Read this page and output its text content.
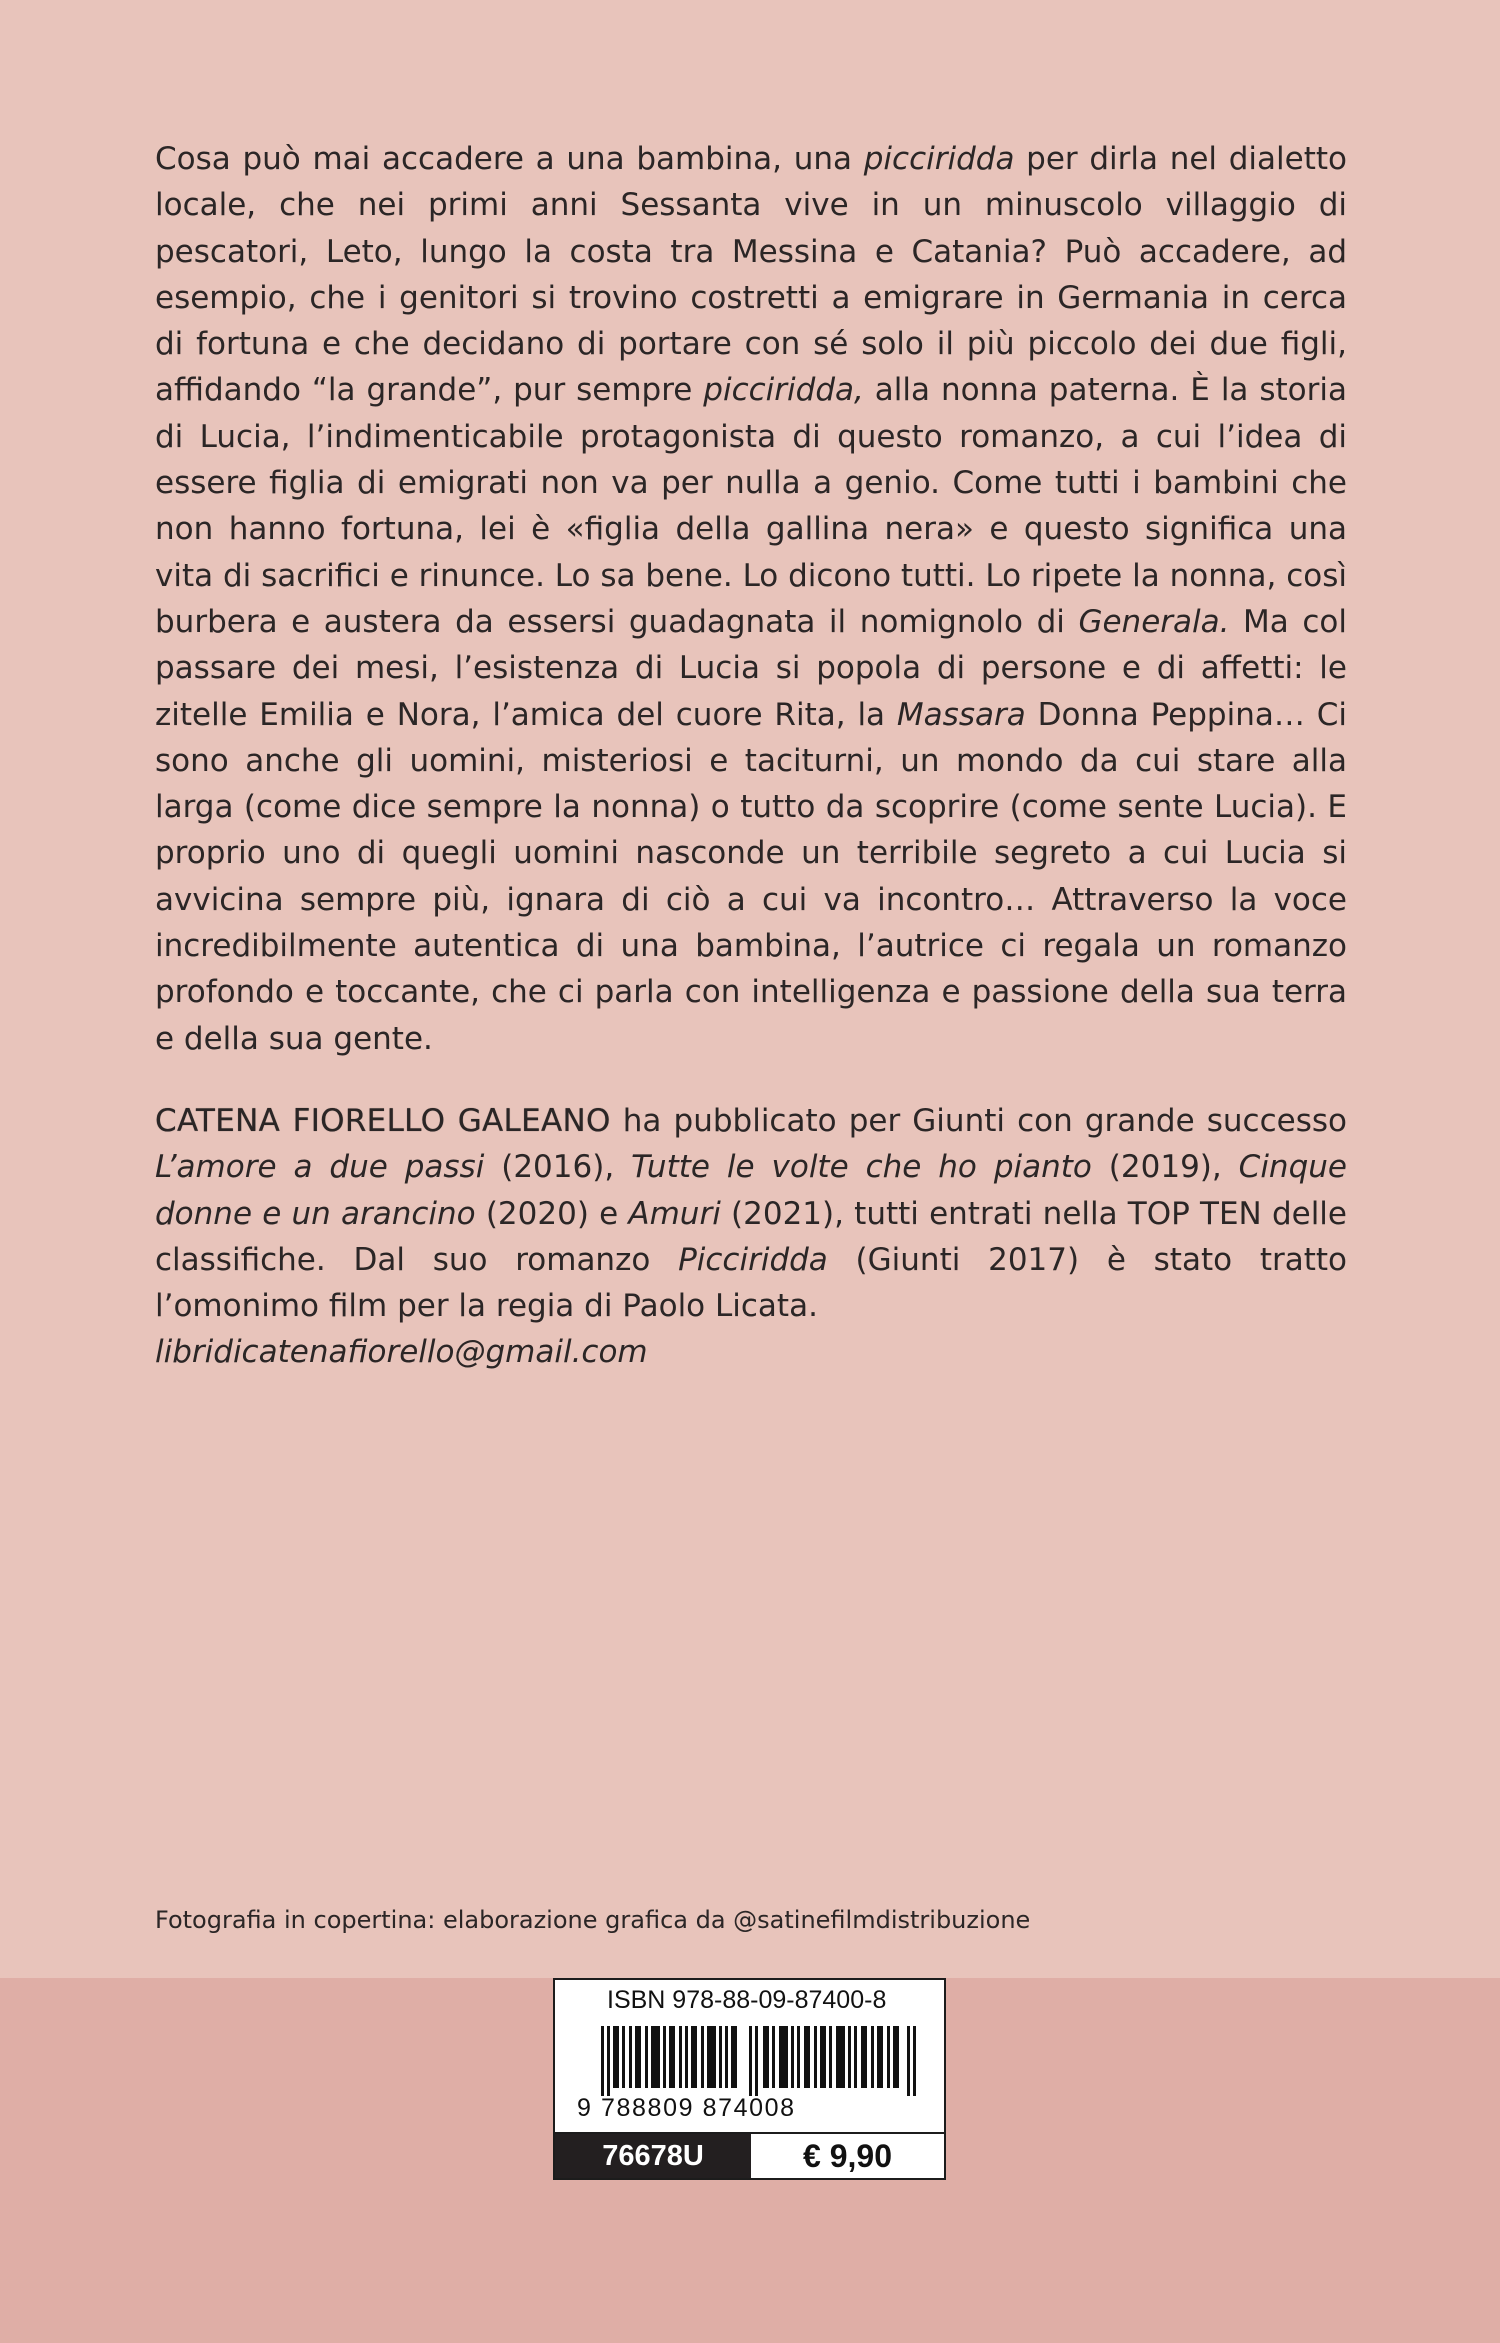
Cosa può mai accadere a una bambina, una picciridda per dirla nel dialetto locale, che nei primi anni Sessanta vive in un minuscolo villaggio di pescatori, Leto, lungo la costa tra Messina e Catania? Può accadere, ad esempio, che i genitori si trovino costretti a emigrare in Germania in cerca di fortuna e che decidano di portare con sé solo il più piccolo dei due figli, affidando “la grande”, pur sempre picciridda, alla nonna paterna. È la storia di Lucia, l’indimenticabile protagonista di questo romanzo, a cui l’idea di essere figlia di emigrati non va per nulla a genio. Come tutti i bambini che non hanno fortuna, lei è «figlia della gallina nera» e questo significa una vita di sacrifici e rinunce. Lo sa bene. Lo dicono tutti. Lo ripete la nonna, così burbera e austera da essersi guadagnata il nomignolo di Generala. Ma col passare dei mesi, l’esistenza di Lucia si popola di persone e di affetti: le zitelle Emilia e Nora, l’amica del cuore Rita, la Massara Donna Peppina… Ci sono anche gli uomini, misteriosi e taciturni, un mondo da cui stare alla larga (come dice sempre la nonna) o tutto da scoprire (come sente Lucia). E proprio uno di quegli uomini nasconde un terribile segreto a cui Lucia si avvicina sempre più, ignara di ciò a cui va incontro… Attraverso la voce incredibilmente autentica di una bambina, l’autrice ci regala un romanzo profondo e toccante, che ci parla con intelligenza e passione della sua terra e della sua gente.

CATENA FIORELLO GALEANO ha pubblicato per Giunti con grande successo L’amore a due passi (2016), Tutte le volte che ho pianto (2019), Cinque donne e un arancino (2020) e Amuri (2021), tutti entrati nella TOP TEN delle classifiche. Dal suo romanzo Picciridda (Giunti 2017) è stato tratto l’omonimo film per la regia di Paolo Licata.

libridicatenafiorello@gmail.com

Fotografia in copertina: elaborazione grafica da @satinefilmdistribuzione
ISBN 978-88-09-87400-8
9 788809 874008
76678U	€ 9,90
